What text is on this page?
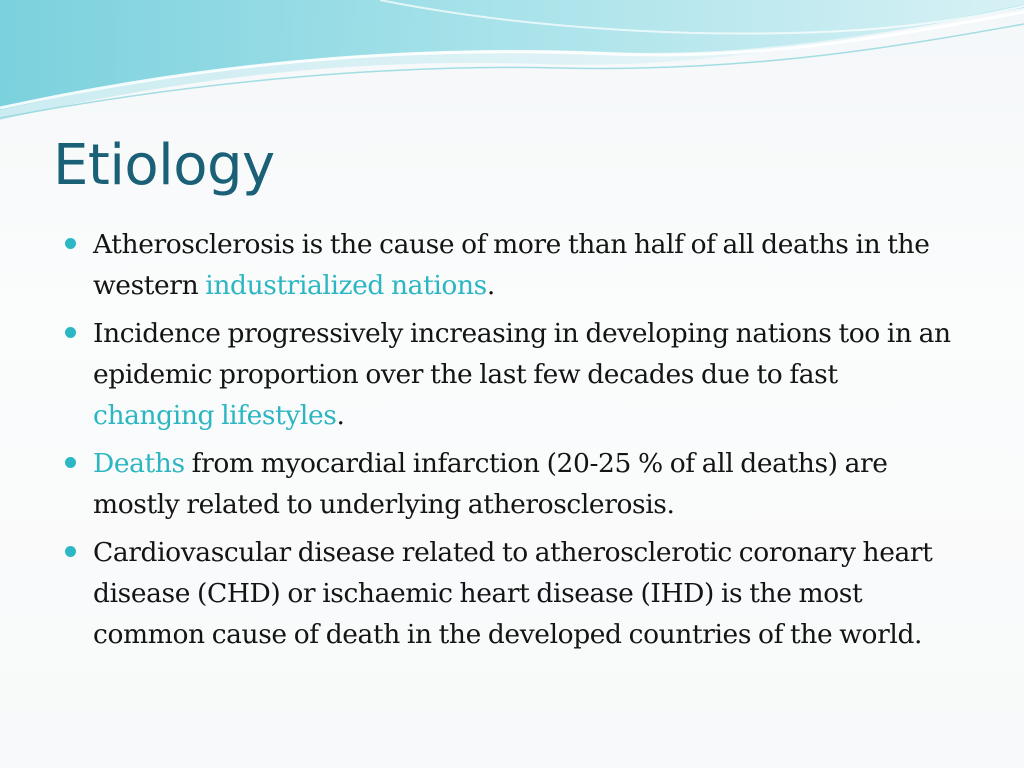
Etiology
Atherosclerosis is the cause of more than half of all deaths in the western industrialized nations.
Incidence progressively increasing in developing nations too in an epidemic proportion over the last few decades due to fast changing lifestyles.
Deaths from myocardial infarction (20-25 % of all deaths) are mostly related to underlying atherosclerosis.
Cardiovascular disease related to atherosclerotic coronary heart disease (CHD) or ischaemic heart disease (IHD) is the most common cause of death in the developed countries of the world.
